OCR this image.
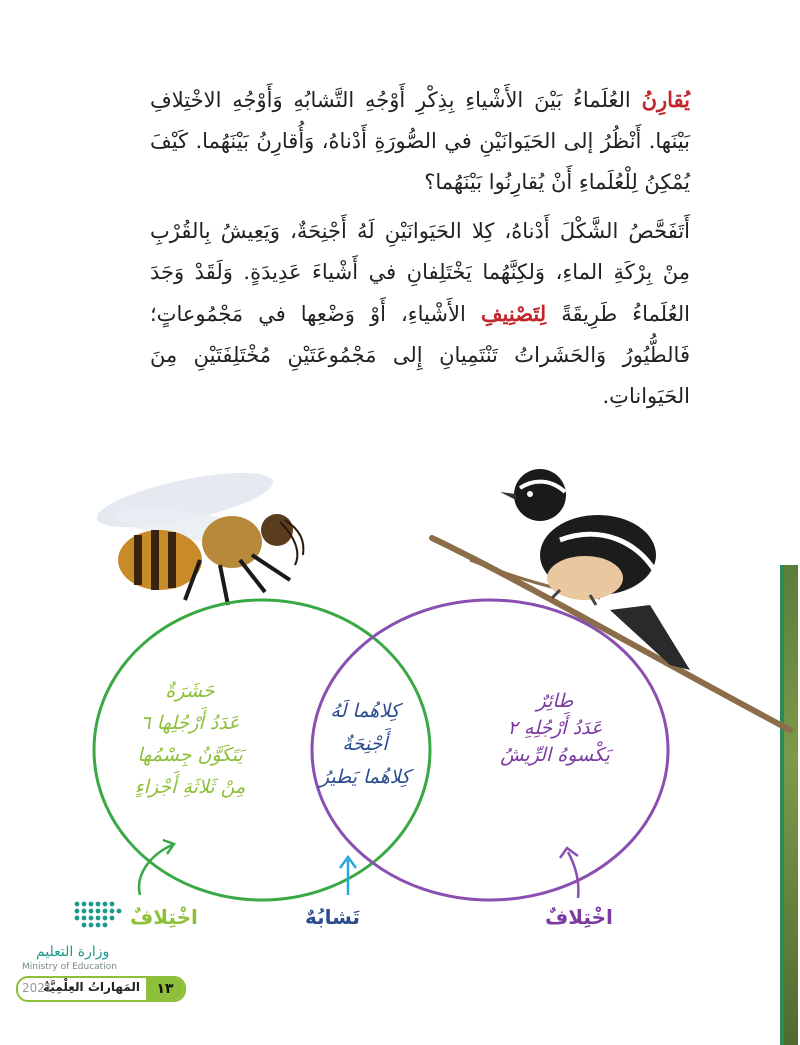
يُقارِنُ العُلَماءُ بَيْنَ الأَشْياءِ بِذِكْرِ أَوْجُهِ التَّشابُهِ وَأَوْجُهِ الاخْتِلافِ بَيْنَها. أَنْظُرُ إلى الحَيَوانَيْنِ في الصُّورَةِ أَدْناهُ، وَأُقارِنُ بَيْنَهُما. كَيْفَ يُمْكِنُ لِلْعُلَماءِ أَنْ يُقارِنُوا بَيْنَهُما؟

أَتَفَحَّصُ الشَّكْلَ أَدْناهُ، كِلا الحَيَوانَيْنِ لَهُ أَجْنِحَةٌ، وَيَعِيشُ بِالقُرْبِ مِنْ بِرْكَةِ الماءِ، وَلكِنَّهُما يَخْتَلِفانِ في أَشْياءَ عَدِيدَةٍ. وَلَقَدْ وَجَدَ العُلَماءُ طَرِيقَةً لِتَصْنِيفِ الأَشْياءِ، أَوْ وَضْعِها في مَجْمُوعاتٍ؛ فَالطُّيُورُ وَالحَشَراتُ تَنْتَمِيانِ إِلى مَجْمُوعَتَيْنِ مُخْتَلِفَتَيْنِ مِنَ الحَيَواناتِ.

حَشَرَةٌ
عَدَدُ أَرْجُلِها ٦
يَتَكَوَّنُ جِسْمُها
مِنْ ثَلاثَةِ أَجْزاءٍ
كِلاهُما لَهُ
أَجْنِحَةٌ
كِلاهُما يَطيرُ
طائِرٌ
عَدَدُ أَرْجُلِهِ ٢
يَكْسوهُ الرِّيشُ
اخْتِلافٌ
تَشابُهٌ
اخْتِلافٌ
وزارة التعليم
Ministry of Education
١٣
المَهاراتُ العِلْمِيَّةُ
2021
